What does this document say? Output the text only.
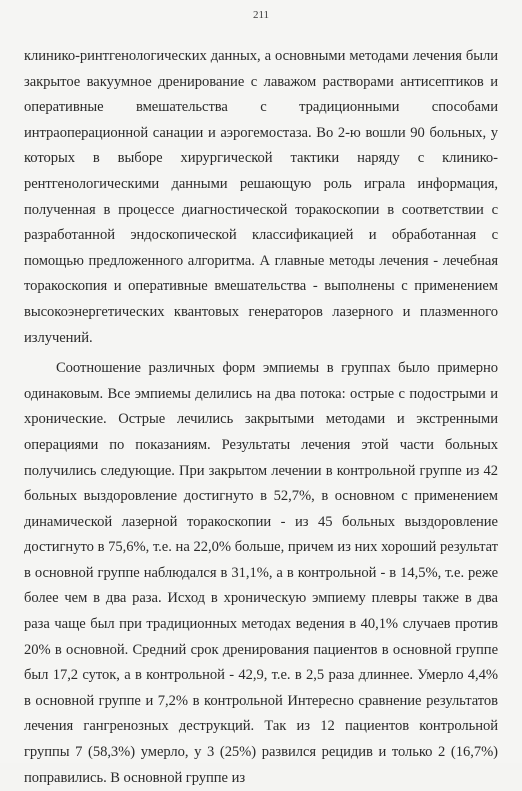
211

клинико-ринтгенологических данных, а основными методами лечения были закрытое вакуумное дренирование с лаважом растворами антисептиков и оперативные вмешательства с традиционными способами интраоперационной санации и аэрогемостаза. Во 2-ю вошли 90 больных, у которых в выборе хирургической тактики наряду с клинико-рентгенологическими данными решающую роль играла информация, полученная в процессе диагностической торакоскопии в соответствии с разработанной эндоскопической классификацией и обработанная с помощью предложенного алгоритма. А главные методы лечения - лечебная торакоскопия и оперативные вмешательства - выполнены с применением высокоэнергетических квантовых генераторов лазерного и плазменного излучений.

Соотношение различных форм эмпиемы в группах было примерно одинаковым. Все эмпиемы делились на два потока: острые с подострыми и хронические. Острые лечились закрытыми методами и экстренными операциями по показаниям. Результаты лечения этой части больных получились следующие. При закрытом лечении в контрольной группе из 42 больных выздоровление достигнуто в 52,7%, в основном с применением динамической лазерной торакоскопии - из 45 больных выздоровление достигнуто в 75,6%, т.е. на 22,0% больше, причем из них хороший результат в основной группе наблюдался в 31,1%, а в контрольной - в 14,5%, т.е. реже более чем в два раза. Исход в хроническую эмпиему плевры также в два раза чаще был при традиционных методах ведения в 40,1% случаев против 20% в основной. Средний срок дренирования пациентов в основной группе был 17,2 суток, а в контрольной - 42,9, т.е. в 2,5 раза длиннее. Умерло 4,4% в основной группе и 7,2% в контрольной Интересно сравнение результатов лечения гангренозных деструкций. Так из 12 пациентов контрольной группы 7 (58,3%) умерло, у 3 (25%) развился рецидив и только 2 (16,7%) поправились. В основной группе из
